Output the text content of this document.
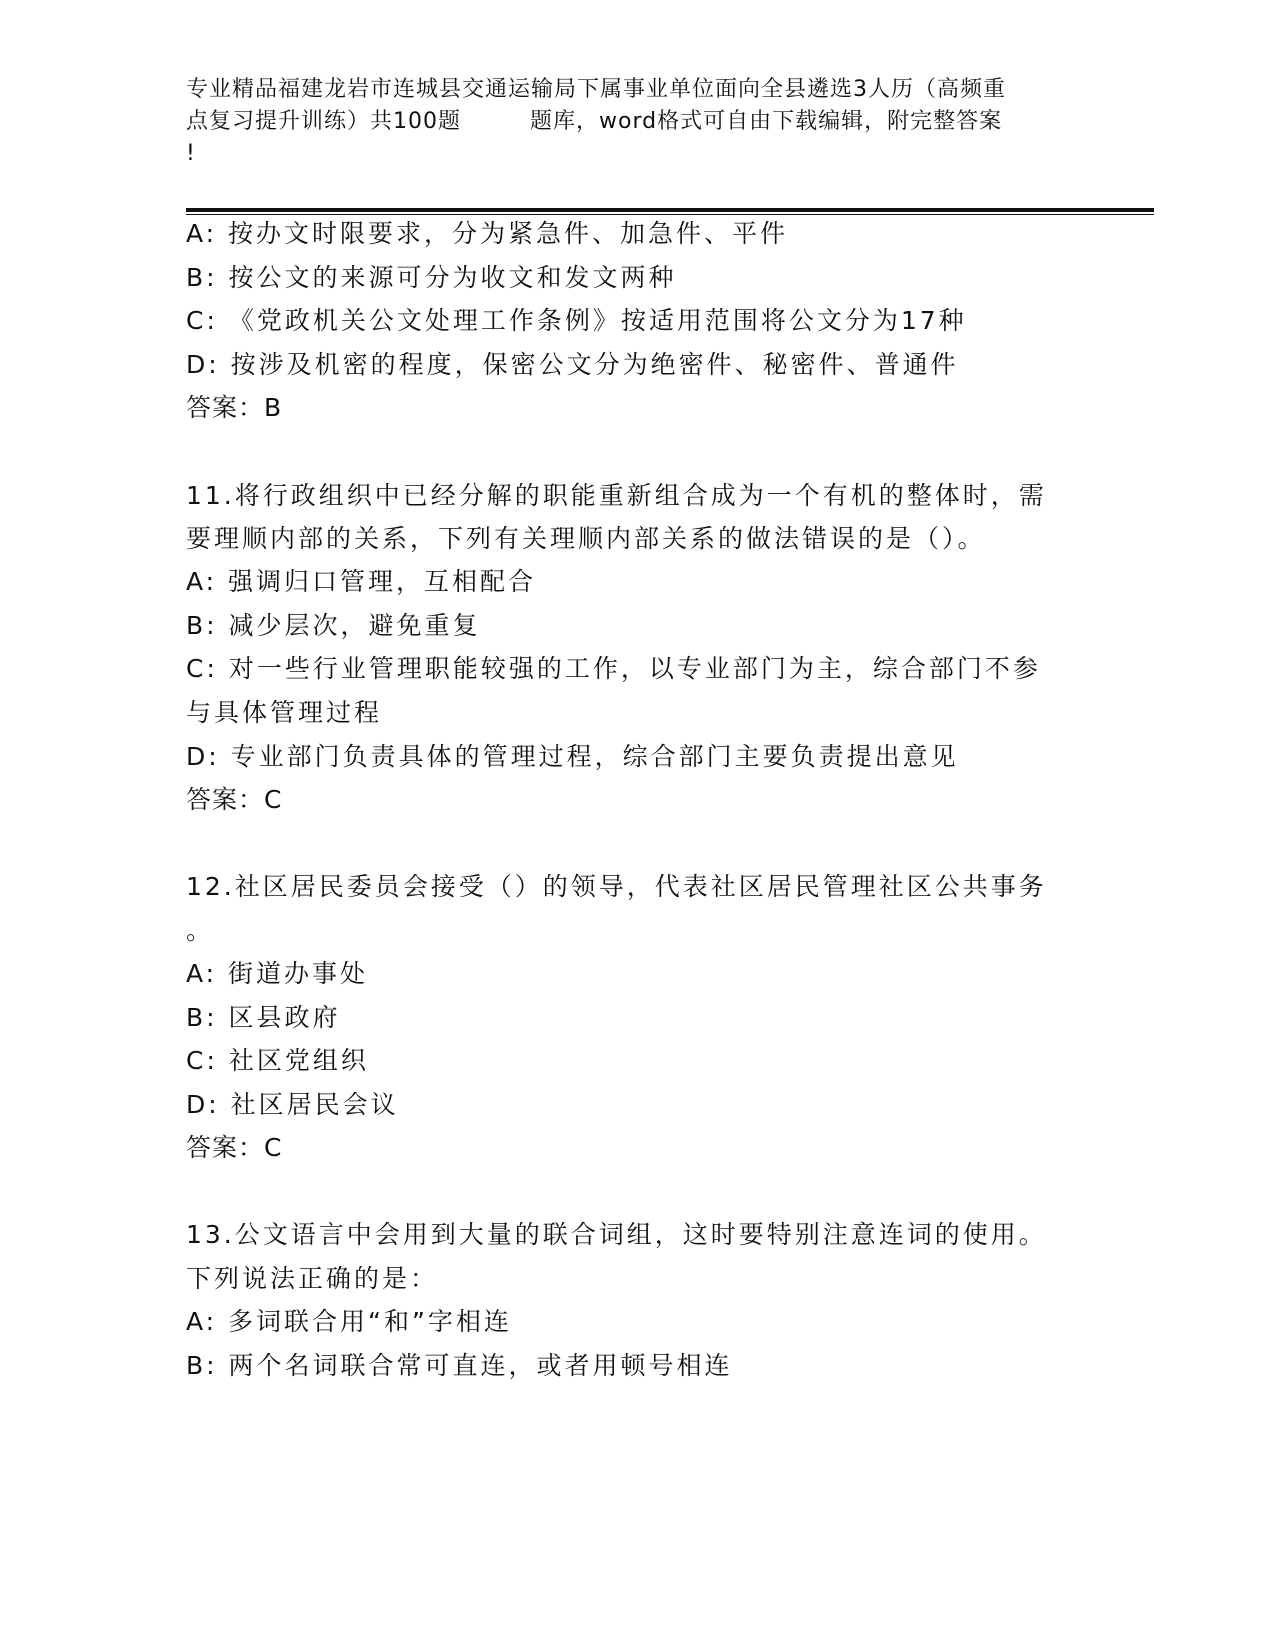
专业精品福建龙岩市连城县交通运输局下属事业单位面向全县遴选3人历（高频重
点复习提升训练）共100题　　　题库，word格式可自由下载编辑，附完整答案
!
A: 按办文时限要求，分为紧急件、加急件、平件
B: 按公文的来源可分为收文和发文两种
C: 《党政机关公文处理工作条例》按适用范围将公文分为17种
D: 按涉及机密的程度，保密公文分为绝密件、秘密件、普通件
答案：B
11.将行政组织中已经分解的职能重新组合成为一个有机的整体时，需
要理顺内部的关系，下列有关理顺内部关系的做法错误的是（）。
A: 强调归口管理，互相配合
B: 减少层次，避免重复
C: 对一些行业管理职能较强的工作，以专业部门为主，综合部门不参
与具体管理过程
D: 专业部门负责具体的管理过程，综合部门主要负责提出意见
答案：C
12.社区居民委员会接受（）的领导，代表社区居民管理社区公共事务
。
A: 街道办事处
B: 区县政府
C: 社区党组织
D: 社区居民会议
答案：C
13.公文语言中会用到大量的联合词组，这时要特别注意连词的使用。
下列说法正确的是：
A: 多词联合用“和”字相连
B: 两个名词联合常可直连，或者用顿号相连
